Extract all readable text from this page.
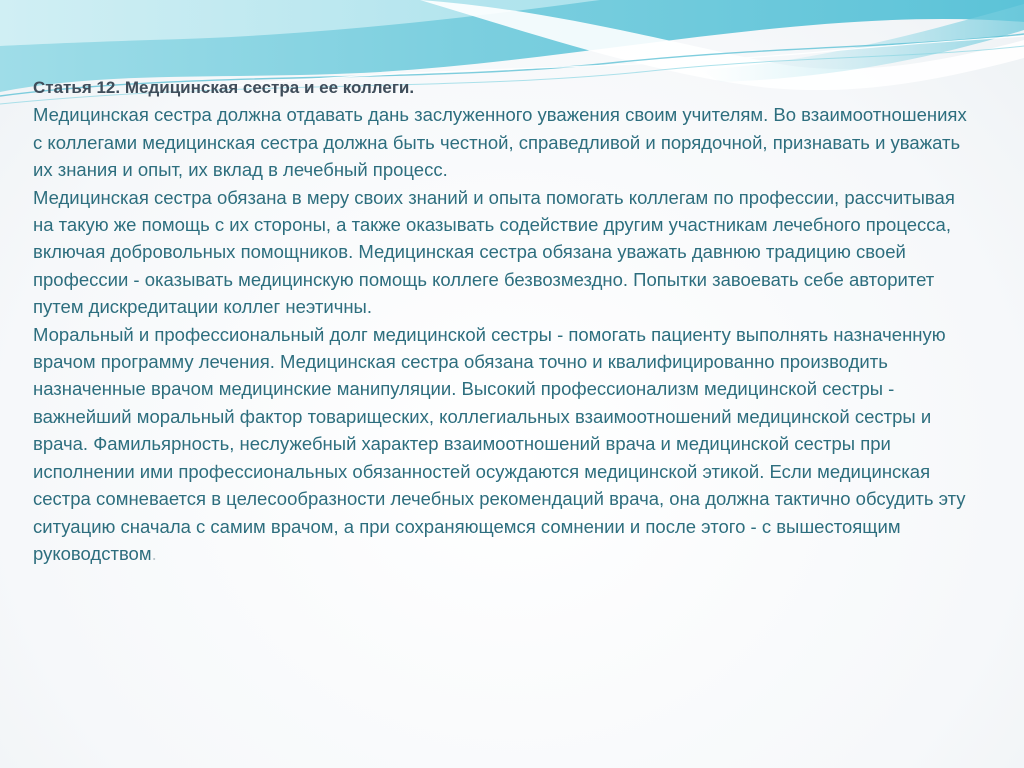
Статья 12. Медицинская сестра и ее коллеги.

Медицинская сестра должна отдавать дань заслуженного уважения своим учителям. Во взаимоотношениях с коллегами медицинская сестра должна быть честной, справедливой и порядочной, признавать и уважать их знания и опыт, их вклад в лечебный процесс.

Медицинская сестра обязана в меру своих знаний и опыта помогать коллегам по профессии, рассчитывая на такую же помощь с их стороны, а также оказывать содействие другим участникам лечебного процесса, включая добровольных помощников. Медицинская сестра обязана уважать давнюю традицию своей профессии - оказывать медицинскую помощь коллеге безвозмездно. Попытки завоевать себе авторитет путем дискредитации коллег неэтичны.

Моральный и профессиональный долг медицинской сестры - помогать пациенту выполнять назначенную врачом программу лечения. Медицинская сестра обязана точно и квалифицированно производить назначенные врачом медицинские манипуляции. Высокий профессионализм медицинской сестры - важнейший моральный фактор товарищеских, коллегиальных взаимоотношений медицинской сестры и врача. Фамильярность, неслужебный характер взаимоотношений врача и медицинской сестры при исполнении ими профессиональных обязанностей осуждаются медицинской этикой. Если медицинская сестра сомневается в целесообразности лечебных рекомендаций врача, она должна тактично обсудить эту ситуацию сначала с самим врачом, а при сохраняющемся сомнении и после этого - с вышестоящим руководством.
